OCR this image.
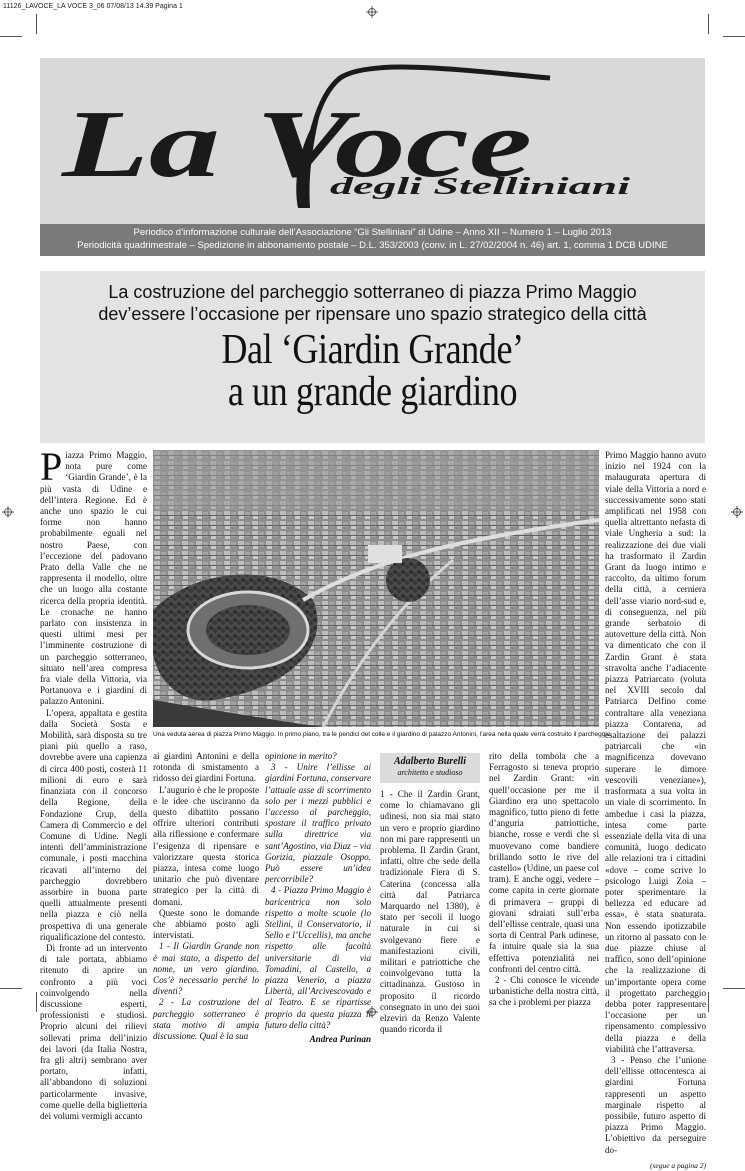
11126_LAVOCE_LA VOCE 3_06 07/08/13 14.39 Pagina 1
La Voce
degli Stelliniani
Periodico d’informazione culturale dell’Associazione “Gli Stelliniani” di Udine – Anno XII – Numero 1 – Luglio 2013
Periodicità quadrimestrale – Spedizione in abbonamento postale – D.L. 353/2003 (conv. in L. 27/02/2004 n. 46) art. 1, comma 1 DCB UDINE
La costruzione del parcheggio sotterraneo di piazza Primo Maggio
dev’essere l’occasione per ripensare uno spazio strategico della città
Dal ‘Giardin Grande’
a un grande giardino

Piazza Primo Maggio, nota pure come ‘Giardin Grande’, è la più vasta di Udine e dell’intera Regione. Ed è anche uno spazio le cui forme non hanno probabilmente eguali nel nostro Paese, con l’eccezione del padovano Prato della Valle che ne rappresenta il modello, oltre che un luogo alla costante ricerca della propria identità. Le cronache ne hanno parlato con insistenza in questi ultimi mesi per l’imminente costruzione di un parcheggio sotterraneo, situato nell’area compresa fra viale della Vittoria, via Portanuova e i giardini di palazzo Antonini.

L’opera, appaltata e gestita dalla Società Sosta e Mobilità, sarà disposta su tre piani più quello a raso, dovrebbe avere una capienza di circa 400 posti, costerà 11 milioni di euro e sarà finanziata con il concorso della Regione, della Fondazione Crup, della Camera di Commercio e del Comune di Udine. Negli intenti dell’amministrazione comunale, i posti macchina ricavati all’interno del parcheggio dovrebbero assorbire in buona parte quelli attualmente presenti nella piazza e ciò nella prospettiva di una generale riqualificazione del contesto.

Di fronte ad un intervento di tale portata, abbiamo ritenuto di aprire un confronto a più voci coinvolgendo nella discussione esperti, professionisti e studiosi. Proprio alcuni dei rilievi sollevati prima dell’inizio dei lavori (da Italia Nostra, fra gli altri) sembrano aver portato, infatti, all’abbandono di soluzioni particolarmente invasive, come quelle della biglietteria dei volumi vermigli accanto

Una veduta aerea di piazza Primo Maggio. In primo piano, tra le pendici del colle e il giardino di palazzo Antonini, l’area nella quale verrà costruito il parcheggio

ai giardini Antonini e della rotonda di smistamento a ridosso dei giardini Fortuna.

L’augurio è che le proposte e le idee che usciranno da questo dibattito possano offrire ulteriori contributi alla riflessione e confermare l’esigenza di ripensare e valorizzare questa storica piazza, intesa come luogo unitario che può diventare strategico per la città di domani.

Queste sono le domande che abbiamo posto agli intervistati.

1 - Il Giardin Grande non è mai stato, a dispetto del nome, un vero giardino. Cos’è necessario perché lo diventi?

2 - La costruzione del parcheggio sotterraneo è stata motivo di ampia discussione. Qual è la sua

opinione in merito?

3 - Unire l’ellisse ai giardini Fortuna, conservare l’attuale asse di scorrimento solo per i mezzi pubblici e l’accesso al parcheggio, spostare il traffico privato sulla direttrice via sant’Agostino, via Diaz – via Gorizia, piazzale Osoppo. Può essere un’idea percorribile?

4 - Piazza Primo Maggio è baricentrica non solo rispetto a molte scuole (lo Stellini, il Conservatorio, il Sello e l’Uccellis), ma anche rispetto alle facoltà universitarie di via Tomadini, al Castello, a piazza Venerio, a piazza Libertà, all’Arcivescovado e al Teatro. E se ripartisse proprio da questa piazza il futuro della città?

Andrea Purinan
Adalberto Burelli
architetto e studioso

1 - Che il Zardin Grant, come lo chiamavano gli udinesi, non sia mai stato un vero e proprio giardino non mi pare rappresenti un problema. Il Zardin Grant, infatti, oltre che sede della tradizionale Fiera di S. Caterina (concessa alla città dal Patriarca Marquardo nel 1380), è stato per secoli il luogo naturale in cui si svolgevano fiere e manifestazioni civili, militari e patriottiche che coinvolgevano tutta la cittadinanza. Gustoso in proposito il ricordo consegnato in uno dei suoi elzeviri da Renzo Valente quando ricorda il

rito della tombola che a Ferragosto si teneva proprio nel Zardin Grant: «in quell’occasione per me il Giardino era uno spettacolo magnifico, tutto pieno di fette d’anguria patriottiche, bianche, rosse e verdi che si muovevano come bandiere brillando sotto le rive del castello» (Udine, un paese col tram). E anche oggi, vedere – come capita in certe giornate di primavera – gruppi di giovani sdraiati sull’erba dell’ellisse centrale, quasi una sorta di Central Park udinese, fa intuire quale sia la sua effettiva potenzialità nei confronti del centro città.

2 - Chi conosce le vicende urbanistiche della nostra città, sa che i problemi per piazza

Primo Maggio hanno avuto inizio nel 1924 con la malaugurata apertura di viale della Vittoria a nord e successivamente sono stati amplificati nel 1958 con quella altrettanto nefasta di viale Ungheria a sud: la realizzazione dei due viali ha trasformato il Zardin Grant da luogo intimo e raccolto, da ultimo forum della città, a cerniera dell’asse viario nord-sud e, di conseguenza, nel più grande serbatoio di autovetture della città. Non va dimenticato che con il Zardin Grant è stata stravolta anche l’adiacente piazza Patriarcato (voluta nel XVIII secolo dal Patriarca Delfino come contraltare alla veneziana piazza Contarena, ad esaltazione dei palazzi patriarcali che «in magnificenza dovevano superare le dimore vescovili veneziane»), trasformata a sua volta in un viale di scorrimento. In ambedue i casi la piazza, intesa come parte essenziale della vita di una comunità, luogo dedicato alle relazioni tra i cittadini «dove – come scrive lo psicologo Luigi Zoia – poter sperimentare la bellezza ed educare ad essa», è stata snaturata. Non essendo ipotizzabile un ritorno al passato con le due piazze chiuse al traffico, sono dell’opinione che la realizzazione di un’importante opera come il progettato parcheggio debba poter rappresentare l’occasione per un ripensamento complessivo della piazza e della viabilità che l’attraversa.

3 - Penso che l’unione dell’ellisse ottocentesca ai giardini Fortuna rappresenti un aspetto marginale rispetto al possibile, futuro aspetto di piazza Primo Maggio. L’obiettivo da perseguire do-

(segue a pagina 2)
